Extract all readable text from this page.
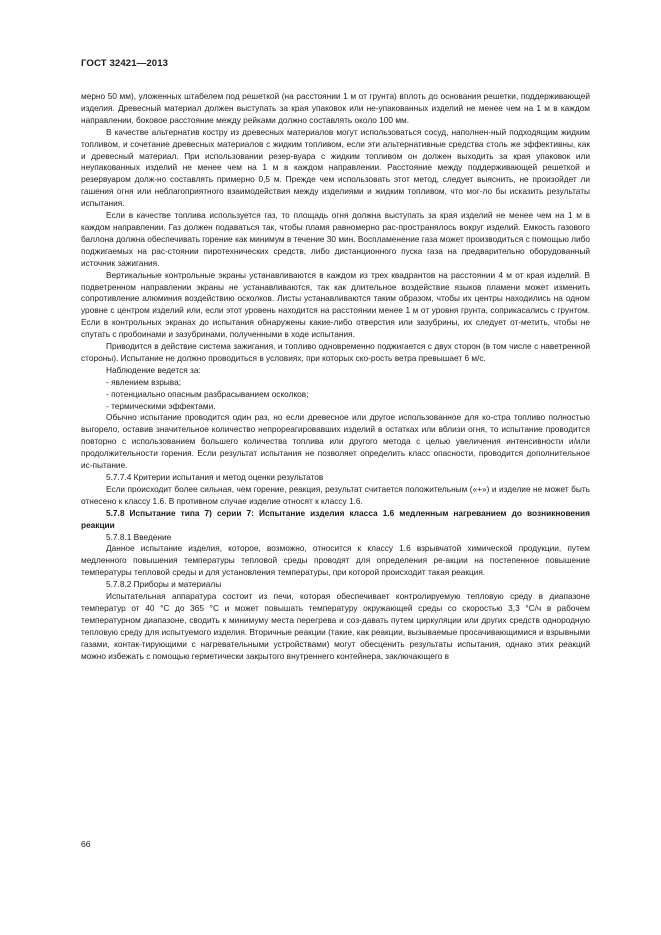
ГОСТ 32421—2013

мерно 50 мм), уложенных штабелем под решеткой (на расстоянии 1 м от грунта) вплоть до основания решетки, поддерживающей изделия. Древесный материал должен выступать за края упаковок или не-упакованных изделий не менее чем на 1 м в каждом направлении, боковое расстояние между рейками должно составлять около 100 мм.

В качестве альтернатив костру из древесных материалов могут использоваться сосуд, наполнен-ный подходящим жидким топливом, и сочетание древесных материалов с жидким топливом, если эти альтернативные средства столь же эффективны, как и древесный материал. При использовании резер-вуара с жидким топливом он должен выходить за края упаковок или неупакованных изделий не менее чем на 1 м в каждом направлении. Расстояние между поддерживающей решеткой и резервуаром долж-но составлять примерно 0,5 м. Прежде чем использовать этот метод, следует выяснить, не произойдет ли гашения огня или неблагоприятного взаимодействия между изделиями и жидким топливом, что мог-ло бы исказить результаты испытания.

Если в качестве топлива используется газ, то площадь огня должна выступать за края изделий не менее чем на 1 м в каждом направлении. Газ должен подаваться так, чтобы пламя равномерно рас-пространялось вокруг изделий. Емкость газового баллона должна обеспечивать горение как минимум в течение 30 мин. Воспламенение газа может производиться с помощью либо поджигаемых на рас-стоянии пиротехнических средств, либо дистанционного пуска газа на предварительно оборудованный источник зажигания.

Вертикальные контрольные экраны устанавливаются в каждом из трех квадрантов на расстоянии 4 м от края изделий. В подветренном направлении экраны не устанавливаются, так как длительное воздействие языков пламени может изменить сопротивление алюминия воздействию осколков. Листы устанавливаются таким образом, чтобы их центры находились на одном уровне с центром изделий или, если этот уровень находится на расстоянии менее 1 м от уровня грунта, соприкасались с грунтом. Если в контрольных экранах до испытания обнаружены какие-либо отверстия или зазубрины, их следует от-метить, чтобы не спутать с пробоинами и зазубринами, полученными в ходе испытания.

Приводится в действие система зажигания, и топливо одновременно поджигается с двух сторон (в том числе с наветренной стороны). Испытание не должно проводиться в условиях, при которых ско-рость ветра превышает 6 м/с.

Наблюдение ведется за:

- явлением взрыва;

- потенциально опасным разбрасыванием осколков;

- термическими эффектами.

Обычно испытание проводится один раз, но если древесное или другое использованное для ко-стра топливо полностью выгорело, оставив значительное количество непрореагировавших изделий в остатках или вблизи огня, то испытание проводится повторно с использованием большего количества топлива или другого метода с целью увеличения интенсивности и/или продолжительности горения. Если результат испытания не позволяет определить класс опасности, проводится дополнительное ис-пытание.

5.7.7.4 Критерии испытания и метод оценки результатов

Если происходит более сильная, чем горение, реакция, результат считается положительным («+») и изделие не может быть отнесено к классу 1.6. В противном случае изделие относят к классу 1.6.

5.7.8 Испытание типа 7) серии 7: Испытание изделия класса 1.6 медленным нагреванием до возникновения реакции

5.7.8.1 Введение

Данное испытание изделия, которое, возможно, относится к классу 1.6 взрывчатой химической продукции, путем медленного повышения температуры тепловой среды проводят для определения ре-акции на постепенное повышение температуры тепловой среды и для установления температуры, при которой происходит такая реакция.

5.7.8.2 Приборы и материалы

Испытательная аппаратура состоит из печи, которая обеспечивает контролируемую тепловую среду в диапазоне температур от 40 °С до 365 °С и может повышать температуру окружающей среды со скоростью 3,3 °С/ч в рабочем температурном диапазоне, сводить к минимуму места перегрева и соз-давать путем циркуляции или других средств однородную тепловую среду для испытуемого изделия. Вторичные реакции (такие, как реакции, вызываемые просачивающимися и взрывными газами, контак-тирующими с нагревательными устройствами) могут обесценить результаты испытания, однако этих реакций можно избежать с помощью герметически закрытого внутреннего контейнера, заключающего в

66
